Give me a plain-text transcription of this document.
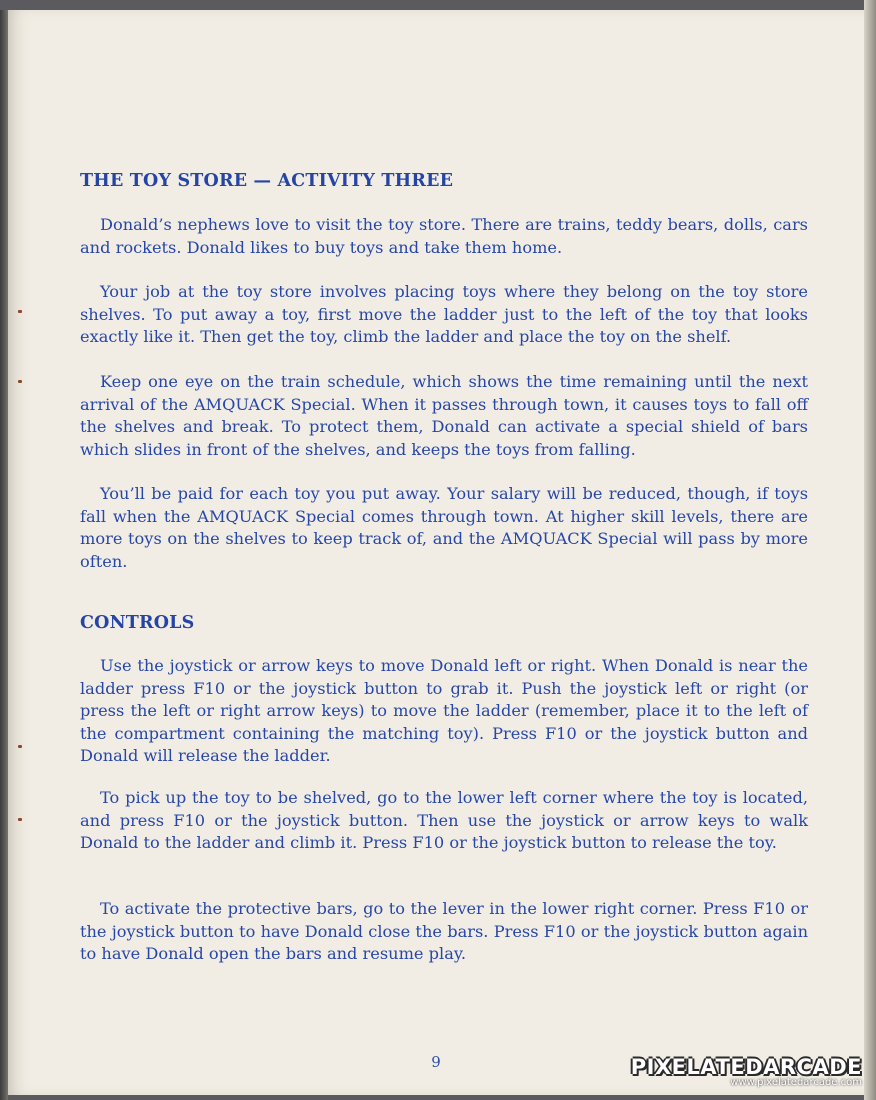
THE TOY STORE — ACTIVITY THREE

Donald’s nephews love to visit the toy store. There are trains, teddy bears, dolls, cars and rockets. Donald likes to buy toys and take them home.

Your job at the toy store involves placing toys where they belong on the toy store shelves. To put away a toy, first move the ladder just to the left of the toy that looks exactly like it. Then get the toy, climb the ladder and place the toy on the shelf.

Keep one eye on the train schedule, which shows the time remaining until the next arrival of the AMQUACK Special. When it passes through town, it causes toys to fall off the shelves and break. To protect them, Donald can activate a special shield of bars which slides in front of the shelves, and keeps the toys from falling.

You’ll be paid for each toy you put away. Your salary will be reduced, though, if toys fall when the AMQUACK Special comes through town. At higher skill levels, there are more toys on the shelves to keep track of, and the AMQUACK Special will pass by more often.

CONTROLS

Use the joystick or arrow keys to move Donald left or right. When Donald is near the ladder press F10 or the joystick button to grab it. Push the joystick left or right (or press the left or right arrow keys) to move the ladder (remember, place it to the left of the compartment containing the matching toy). Press F10 or the joystick button and Donald will release the ladder.

To pick up the toy to be shelved, go to the lower left corner where the toy is located, and press F10 or the joystick button. Then use the joystick or arrow keys to walk Donald to the ladder and climb it. Press F10 or the joystick button to release the toy.

To activate the protective bars, go to the lever in the lower right corner. Press F10 or the joystick button to have Donald close the bars. Press F10 or the joystick button again to have Donald open the bars and resume play.

9	PIXELATEDARCADE
www.pixelatedarcade.com
